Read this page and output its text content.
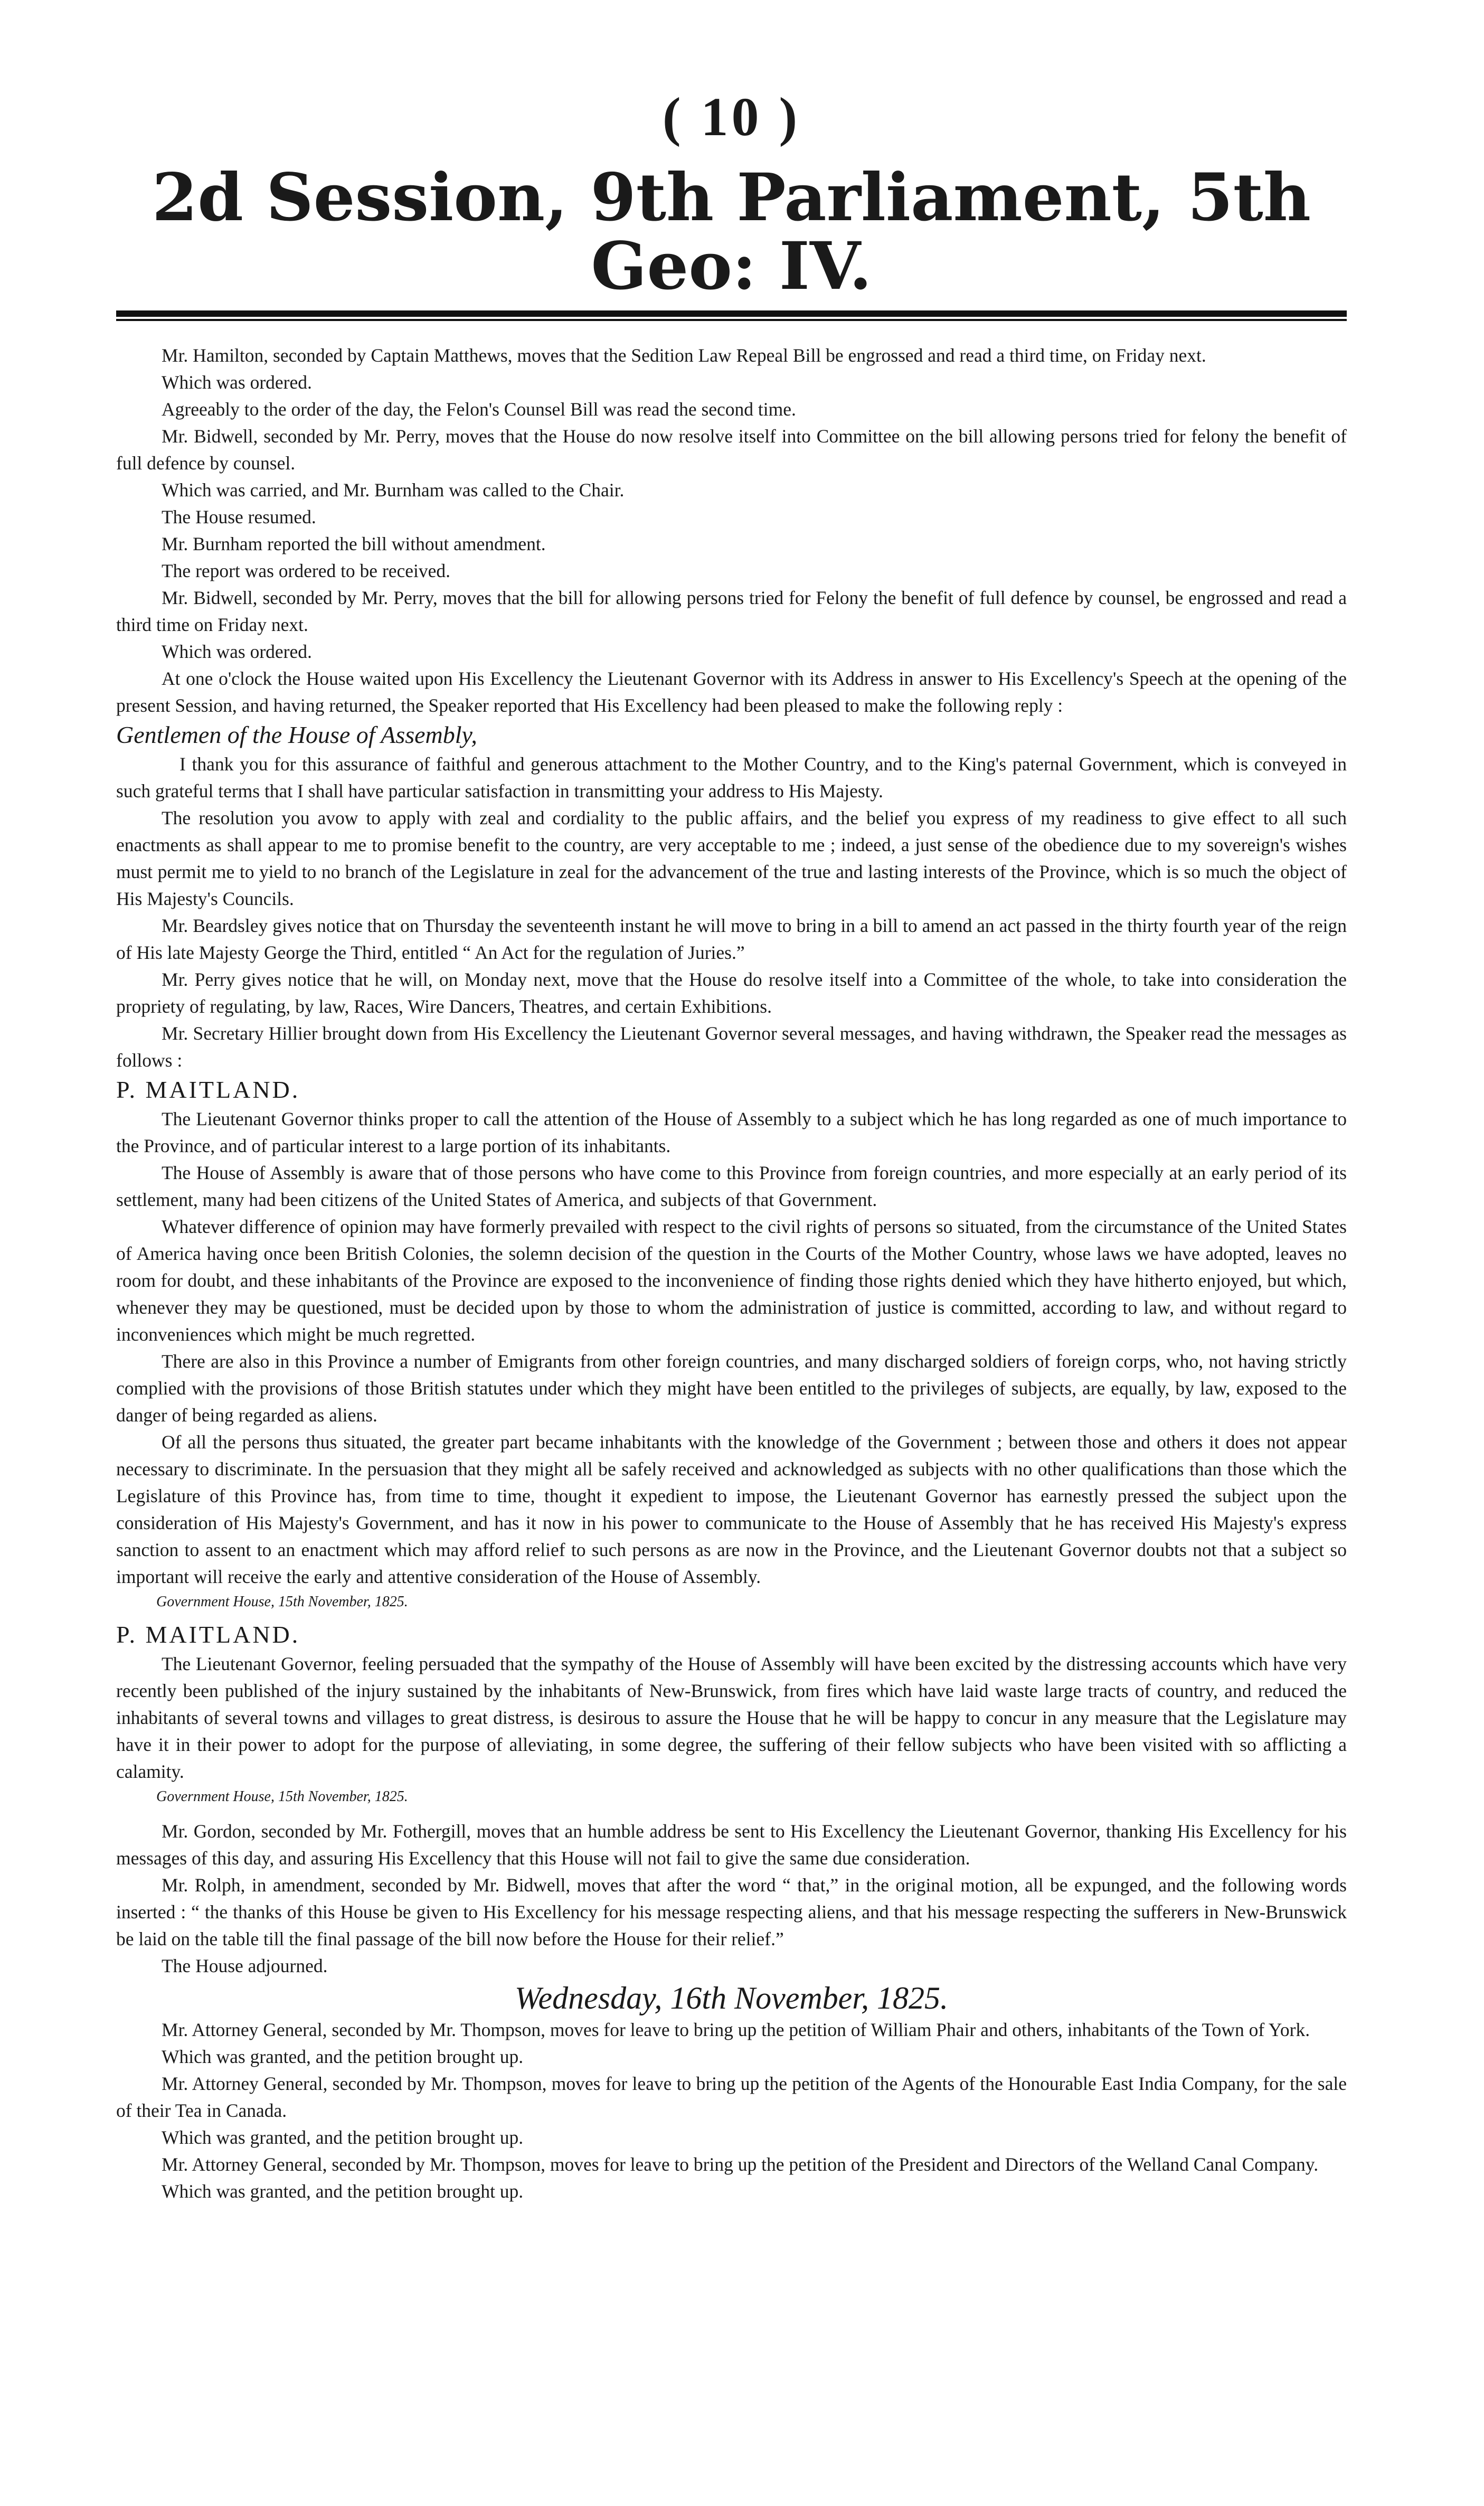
( 10 )
2d Session, 9th Parliament, 5th Geo: IV.

Mr. Hamilton, seconded by Captain Matthews, moves that the Sedition Law Repeal Bill be engrossed and read a third time, on Friday next.

Which was ordered.

Agreeably to the order of the day, the Felon's Counsel Bill was read the second time.

Mr. Bidwell, seconded by Mr. Perry, moves that the House do now resolve itself into Committee on the bill allowing persons tried for felony the benefit of full defence by counsel.

Which was carried, and Mr. Burnham was called to the Chair.

The House resumed.

Mr. Burnham reported the bill without amendment.

The report was ordered to be received.

Mr. Bidwell, seconded by Mr. Perry, moves that the bill for allowing persons tried for Felony the benefit of full defence by counsel, be engrossed and read a third time on Friday next.

Which was ordered.

At one o'clock the House waited upon His Excellency the Lieutenant Governor with its Address in answer to His Excellency's Speech at the opening of the present Session, and having returned, the Speaker reported that His Excellency had been pleased to make the following reply :

Gentlemen of the House of Assembly,

I thank you for this assurance of faithful and generous attachment to the Mother Country, and to the King's paternal Government, which is conveyed in such grateful terms that I shall have particular satisfaction in transmitting your address to His Majesty.

The resolution you avow to apply with zeal and cordiality to the public affairs, and the belief you express of my readiness to give effect to all such enactments as shall appear to me to promise benefit to the country, are very acceptable to me ; indeed, a just sense of the obedience due to my sovereign's wishes must permit me to yield to no branch of the Legislature in zeal for the advancement of the true and lasting interests of the Province, which is so much the object of His Majesty's Councils.

Mr. Beardsley gives notice that on Thursday the seventeenth instant he will move to bring in a bill to amend an act passed in the thirty fourth year of the reign of His late Majesty George the Third, entitled “ An Act for the regulation of Juries.”

Mr. Perry gives notice that he will, on Monday next, move that the House do resolve itself into a Committee of the whole, to take into consideration the propriety of regulating, by law, Races, Wire Dancers, Theatres, and certain Exhibitions.

Mr. Secretary Hillier brought down from His Excellency the Lieutenant Governor several messages, and having withdrawn, the Speaker read the messages as follows :

P. MAITLAND.

The Lieutenant Governor thinks proper to call the attention of the House of Assembly to a subject which he has long regarded as one of much importance to the Province, and of particular interest to a large portion of its inhabitants.

The House of Assembly is aware that of those persons who have come to this Province from foreign countries, and more especially at an early period of its settlement, many had been citizens of the United States of America, and subjects of that Government.

Whatever difference of opinion may have formerly prevailed with respect to the civil rights of persons so situated, from the circumstance of the United States of America having once been British Colonies, the solemn decision of the question in the Courts of the Mother Country, whose laws we have adopted, leaves no room for doubt, and these inhabitants of the Province are exposed to the inconvenience of finding those rights denied which they have hitherto enjoyed, but which, whenever they may be questioned, must be decided upon by those to whom the administration of justice is committed, according to law, and without regard to inconveniences which might be much regretted.

There are also in this Province a number of Emigrants from other foreign countries, and many discharged soldiers of foreign corps, who, not having strictly complied with the provisions of those British statutes under which they might have been entitled to the privileges of subjects, are equally, by law, exposed to the danger of being regarded as aliens.

Of all the persons thus situated, the greater part became inhabitants with the knowledge of the Government ; between those and others it does not appear necessary to discriminate. In the persuasion that they might all be safely received and acknowledged as subjects with no other qualifications than those which the Legislature of this Province has, from time to time, thought it expedient to impose, the Lieutenant Governor has earnestly pressed the subject upon the consideration of His Majesty's Government, and has it now in his power to communicate to the House of Assembly that he has received His Majesty's express sanction to assent to an enactment which may afford relief to such persons as are now in the Province, and the Lieutenant Governor doubts not that a subject so important will receive the early and attentive consideration of the House of Assembly.

Government House, 15th November, 1825.

P. MAITLAND.

The Lieutenant Governor, feeling persuaded that the sympathy of the House of Assembly will have been excited by the distressing accounts which have very recently been published of the injury sustained by the inhabitants of New-Brunswick, from fires which have laid waste large tracts of country, and reduced the inhabitants of several towns and villages to great distress, is desirous to assure the House that he will be happy to concur in any measure that the Legislature may have it in their power to adopt for the purpose of alleviating, in some degree, the suffering of their fellow subjects who have been visited with so afflicting a calamity.

Government House, 15th November, 1825.

Mr. Gordon, seconded by Mr. Fothergill, moves that an humble address be sent to His Excellency the Lieutenant Governor, thanking His Excellency for his messages of this day, and assuring His Excellency that this House will not fail to give the same due consideration.

Mr. Rolph, in amendment, seconded by Mr. Bidwell, moves that after the word “ that,” in the original motion, all be expunged, and the following words inserted : “ the thanks of this House be given to His Excellency for his message respecting aliens, and that his message respecting the sufferers in New-Brunswick be laid on the table till the final passage of the bill now before the House for their relief.”

The House adjourned.

Wednesday, 16th November, 1825.

Mr. Attorney General, seconded by Mr. Thompson, moves for leave to bring up the petition of William Phair and others, inhabitants of the Town of York.

Which was granted, and the petition brought up.

Mr. Attorney General, seconded by Mr. Thompson, moves for leave to bring up the petition of the Agents of the Honourable East India Company, for the sale of their Tea in Canada.

Which was granted, and the petition brought up.

Mr. Attorney General, seconded by Mr. Thompson, moves for leave to bring up the petition of the President and Directors of the Welland Canal Company.

Which was granted, and the petition brought up.
